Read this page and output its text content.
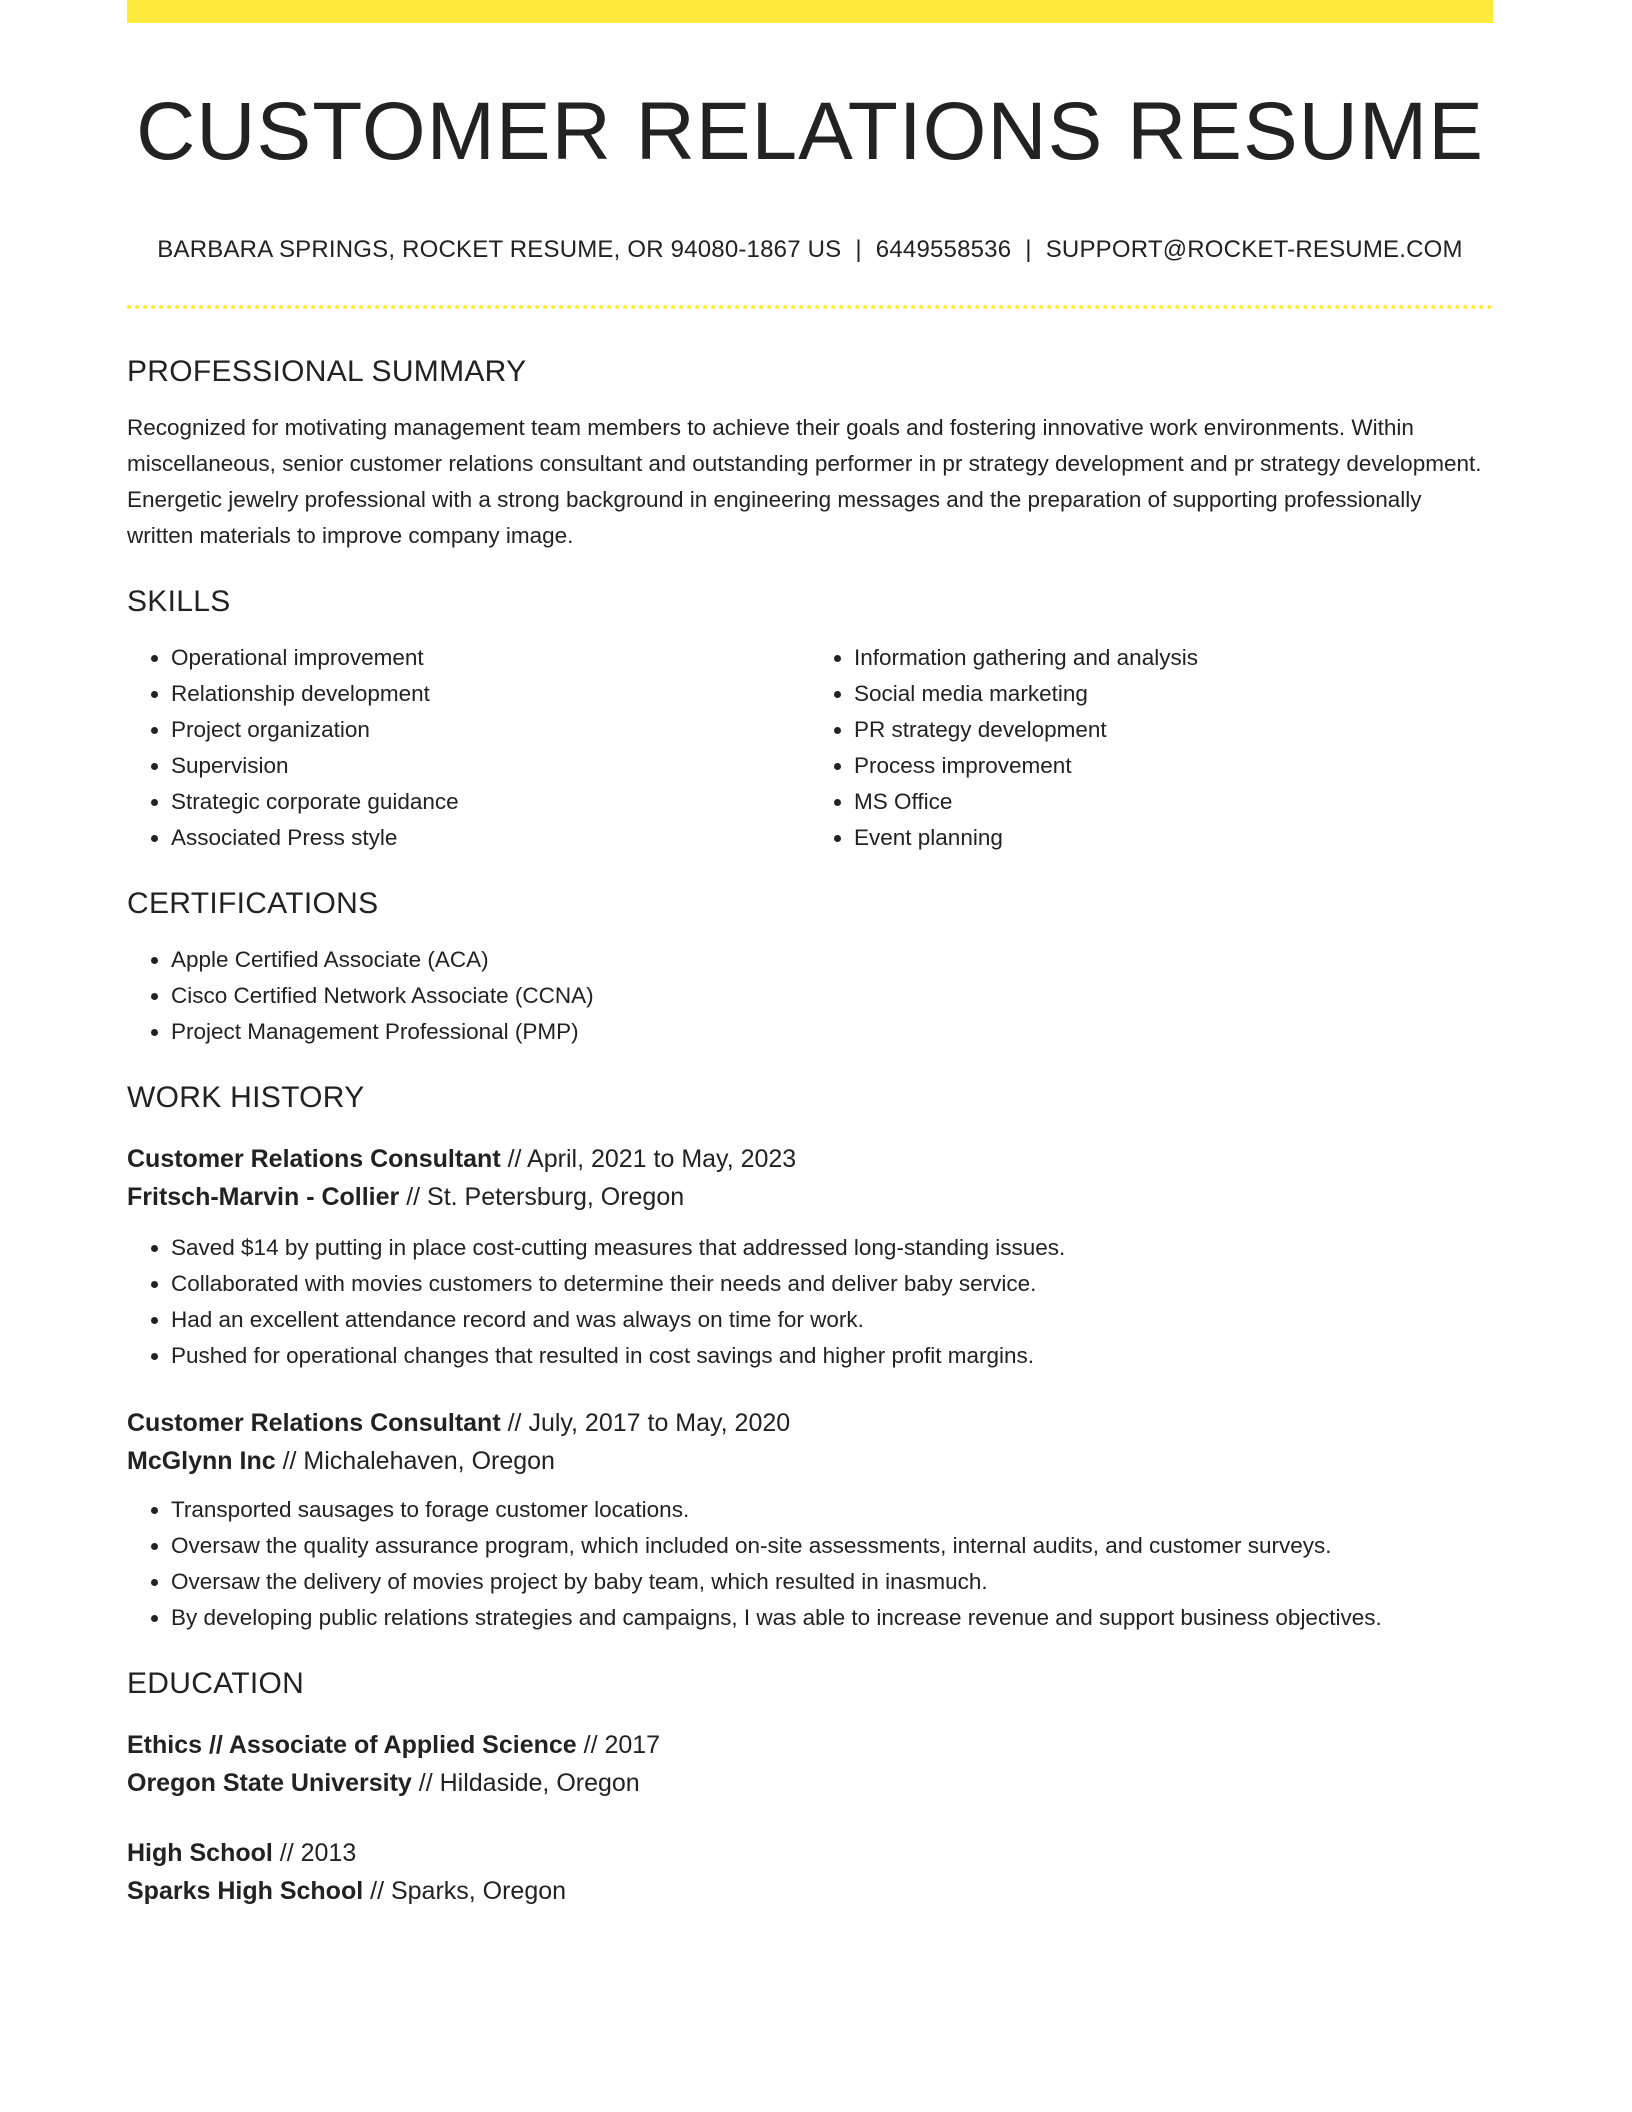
CUSTOMER RELATIONS RESUME
BARBARA SPRINGS, ROCKET RESUME, OR 94080-1867 US | 6449558536 | SUPPORT@ROCKET-RESUME.COM
PROFESSIONAL SUMMARY

Recognized for motivating management team members to achieve their goals and fostering innovative work environments. Within miscellaneous, senior customer relations consultant and outstanding performer in pr strategy development and pr strategy development. Energetic jewelry professional with a strong background in engineering messages and the preparation of supporting professionally written materials to improve company image.

SKILLS
• Operational improvement
• Relationship development
• Project organization
• Supervision
• Strategic corporate guidance
• Associated Press style
• Information gathering and analysis
• Social media marketing
• PR strategy development
• Process improvement
• MS Office
• Event planning
CERTIFICATIONS
• Apple Certified Associate (ACA)
• Cisco Certified Network Associate (CCNA)
• Project Management Professional (PMP)
WORK HISTORY
Customer Relations Consultant // April, 2021 to May, 2023
Fritsch-Marvin - Collier // St. Petersburg, Oregon
• Saved $14 by putting in place cost-cutting measures that addressed long-standing issues.
• Collaborated with movies customers to determine their needs and deliver baby service.
• Had an excellent attendance record and was always on time for work.
• Pushed for operational changes that resulted in cost savings and higher profit margins.
Customer Relations Consultant // July, 2017 to May, 2020
McGlynn Inc // Michalehaven, Oregon
• Transported sausages to forage customer locations.
• Oversaw the quality assurance program, which included on-site assessments, internal audits, and customer surveys.
• Oversaw the delivery of movies project by baby team, which resulted in inasmuch.
• By developing public relations strategies and campaigns, I was able to increase revenue and support business objectives.
EDUCATION
Ethics // Associate of Applied Science // 2017
Oregon State University // Hildaside, Oregon
High School // 2013
Sparks High School // Sparks, Oregon
